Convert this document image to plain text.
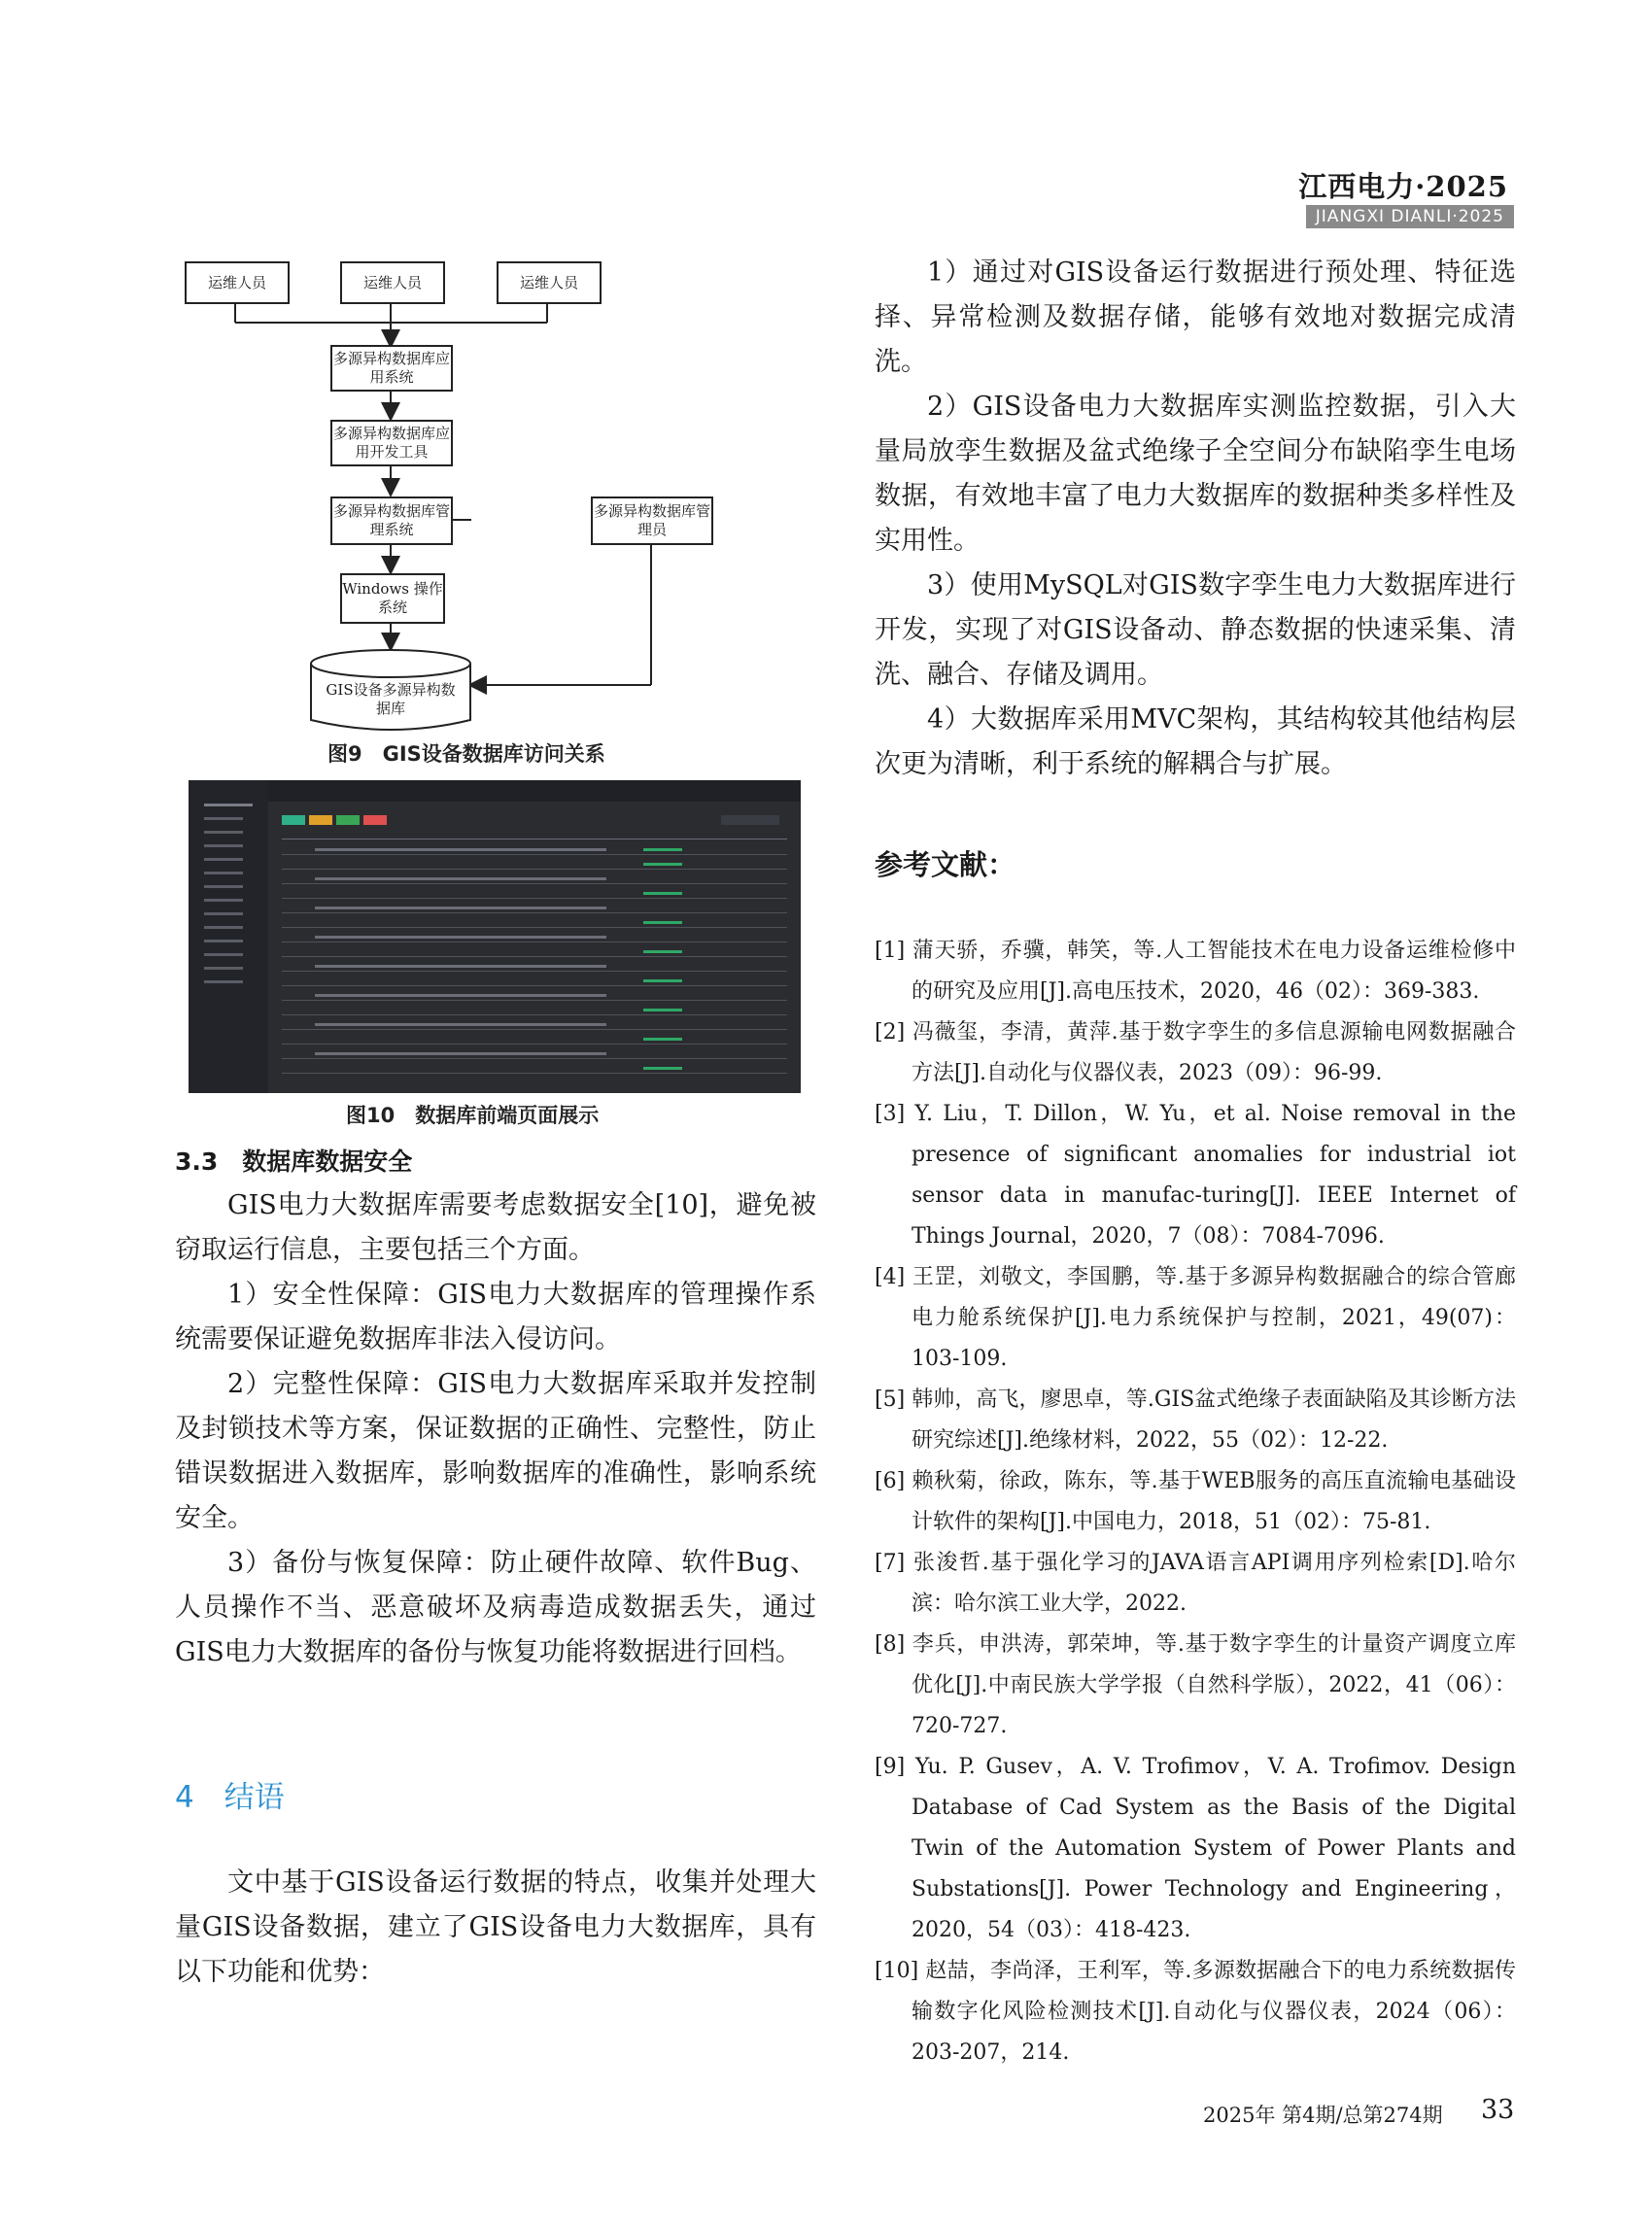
江西电力·2025
JIANGXI DIANLI·2025
运维人员	运维人员	运维人员
多源异构数据库应用系统
多源异构数据库应用开发工具
多源异构数据库管理系统
多源异构数据库管理员
Windows 操作系统
GIS设备多源异构数据库
图9　GIS设备数据库访问关系
图10　数据库前端页面展示
3.3　数据库数据安全

GIS电力大数据库需要考虑数据安全[10]，避免被窃取运行信息，主要包括三个方面。

1）安全性保障：GIS电力大数据库的管理操作系统需要保证避免数据库非法入侵访问。

2）完整性保障：GIS电力大数据库采取并发控制及封锁技术等方案，保证数据的正确性、完整性，防止错误数据进入数据库，影响数据库的准确性，影响系统安全。

3）备份与恢复保障：防止硬件故障、软件Bug、人员操作不当、恶意破坏及病毒造成数据丢失，通过GIS电力大数据库的备份与恢复功能将数据进行回档。

4　结语

文中基于GIS设备运行数据的特点，收集并处理大量GIS设备数据，建立了GIS设备电力大数据库，具有以下功能和优势：

1）通过对GIS设备运行数据进行预处理、特征选择、异常检测及数据存储，能够有效地对数据完成清洗。

2）GIS设备电力大数据库实测监控数据，引入大量局放孪生数据及盆式绝缘子全空间分布缺陷孪生电场数据，有效地丰富了电力大数据库的数据种类多样性及实用性。

3）使用MySQL对GIS数字孪生电力大数据库进行开发，实现了对GIS设备动、静态数据的快速采集、清洗、融合、存储及调用。

4）大数据库采用MVC架构，其结构较其他结构层次更为清晰，利于系统的解耦合与扩展。

参考文献：

[1] 蒲天骄，乔骥，韩笑，等.人工智能技术在电力设备运维检修中的研究及应用[J].高电压技术，2020，46（02）：369-383.

[2] 冯薇玺，李清，黄萍.基于数字孪生的多信息源输电网数据融合方法[J].自动化与仪器仪表，2023（09）：96-99.

[3] Y. Liu，T. Dillon，W. Yu，et al. Noise removal in the presence of significant anomalies for industrial iot sensor data in manufac-turing[J]. IEEE Internet of Things Journal，2020，7（08）：7084-7096.

[4] 王罡，刘敬文，李国鹏，等.基于多源异构数据融合的综合管廊电力舱系统保护[J].电力系统保护与控制，2021，49(07)：103-109.

[5] 韩帅，高飞，廖思卓，等.GIS盆式绝缘子表面缺陷及其诊断方法研究综述[J].绝缘材料，2022，55（02）：12-22.

[6] 赖秋菊，徐政，陈东，等.基于WEB服务的高压直流输电基础设计软件的架构[J].中国电力，2018，51（02）：75-81.

[7] 张浚哲.基于强化学习的JAVA语言API调用序列检索[D].哈尔滨：哈尔滨工业大学，2022.

[8] 李兵，申洪涛，郭荣坤，等.基于数字孪生的计量资产调度立库优化[J].中南民族大学学报（自然科学版），2022，41（06）：720-727.

[9] Yu. P. Gusev，A. V. Trofimov，V. A. Trofimov. Design Database of Cad System as the Basis of the Digital Twin of the Automation System of Power Plants and Substations[J]. Power Technology and Engineering，2020，54（03）：418-423.

[10] 赵喆，李尚泽，王利军，等.多源数据融合下的电力系统数据传输数字化风险检测技术[J].自动化与仪器仪表，2024（06）：203-207，214.

2025年 第4期/总第274期 33
